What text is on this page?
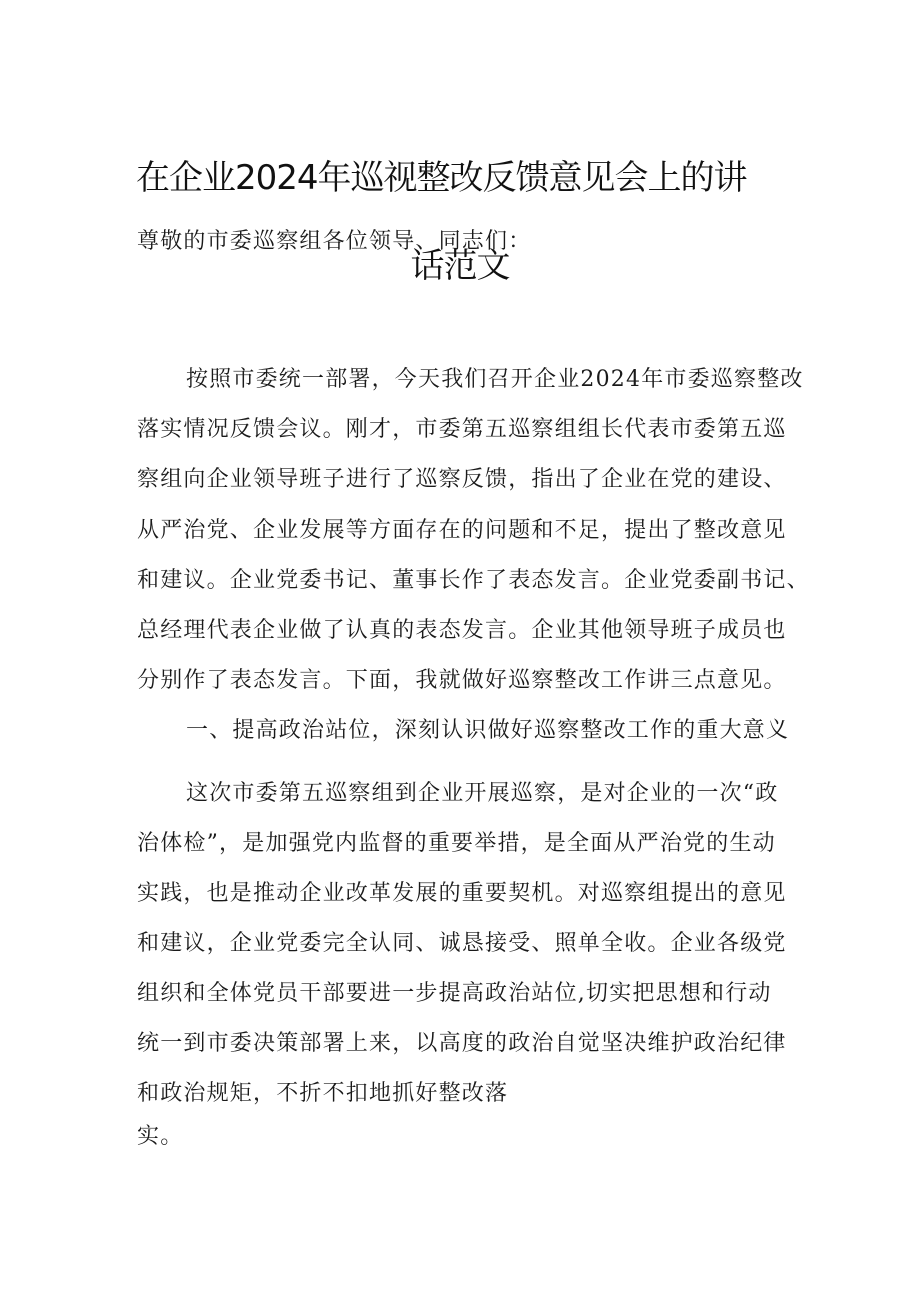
在企业2024年巡视整改反馈意见会上的讲
话范文

尊敬的市委巡察组各位领导、同志们：

按照市委统一部署，今天我们召开企业2024年市委巡察整改

落实情况反馈会议。刚才，市委第五巡察组组长代表市委第五巡

察组向企业领导班子进行了巡察反馈，指出了企业在党的建设、

从严治党、企业发展等方面存在的问题和不足，提出了整改意见

和建议。企业党委书记、董事长作了表态发言。企业党委副书记、

总经理代表企业做了认真的表态发言。企业其他领导班子成员也

分别作了表态发言。下面，我就做好巡察整改工作讲三点意见。

一、提高政治站位，深刻认识做好巡察整改工作的重大意义

这次市委第五巡察组到企业开展巡察，是对企业的一次“政

治体检”，是加强党内监督的重要举措，是全面从严治党的生动

实践，也是推动企业改革发展的重要契机。对巡察组提出的意见

和建议，企业党委完全认同、诚恳接受、照单全收。企业各级党

组织和全体党员干部要进一步提高政治站位,切实把思想和行动

统一到市委决策部署上来，以高度的政治自觉坚决维护政治纪律

和政治规矩，不折不扣地抓好整改落

实。
